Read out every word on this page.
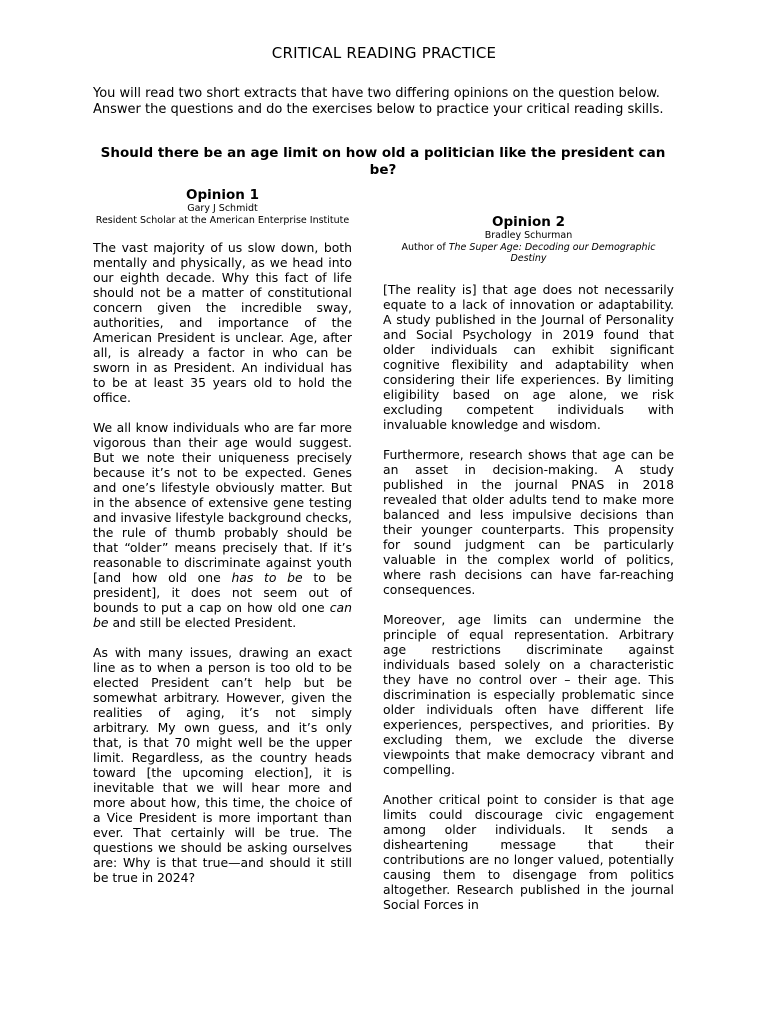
CRITICAL READING PRACTICE

You will read two short extracts that have two differing opinions on the question below. Answer the questions and do the exercises below to practice your critical reading skills.

Should there be an age limit on how old a politician like the president can be?

Opinion 1

Gary J Schmidt

Resident Scholar at the American Enterprise Institute

The vast majority of us slow down, both mentally and physically, as we head into our eighth decade. Why this fact of life should not be a matter of constitutional concern given the incredible sway, authorities, and importance of the American President is unclear. Age, after all, is already a factor in who can be sworn in as President. An individual has to be at least 35 years old to hold the office.

We all know individuals who are far more vigorous than their age would suggest. But we note their uniqueness precisely because it’s not to be expected. Genes and one’s lifestyle obviously matter. But in the absence of extensive gene testing and invasive lifestyle background checks, the rule of thumb probably should be that “older” means precisely that. If it’s reasonable to discriminate against youth [and how old one has to be to be president], it does not seem out of bounds to put a cap on how old one can be and still be elected President.

As with many issues, drawing an exact line as to when a person is too old to be elected President can’t help but be somewhat arbitrary. However, given the realities of aging, it’s not simply arbitrary. My own guess, and it’s only that, is that 70 might well be the upper limit. Regardless, as the country heads toward [the upcoming election], it is inevitable that we will hear more and more about how, this time, the choice of a Vice President is more important than ever. That certainly will be true. The questions we should be asking ourselves are: Why is that true—and should it still be true in 2024?

Opinion 2

Bradley Schurman

Author of The Super Age: Decoding our Demographic Destiny

[The reality is] that age does not necessarily equate to a lack of innovation or adaptability. A study published in the Journal of Personality and Social Psychology in 2019 found that older individuals can exhibit significant cognitive flexibility and adaptability when considering their life experiences. By limiting eligibility based on age alone, we risk excluding competent individuals with invaluable knowledge and wisdom.

Furthermore, research shows that age can be an asset in decision-making. A study published in the journal PNAS in 2018 revealed that older adults tend to make more balanced and less impulsive decisions than their younger counterparts. This propensity for sound judgment can be particularly valuable in the complex world of politics, where rash decisions can have far-reaching consequences.

Moreover, age limits can undermine the principle of equal representation. Arbitrary age restrictions discriminate against individuals based solely on a characteristic they have no control over – their age. This discrimination is especially problematic since older individuals often have different life experiences, perspectives, and priorities. By excluding them, we exclude the diverse viewpoints that make democracy vibrant and compelling.

Another critical point to consider is that age limits could discourage civic engagement among older individuals. It sends a disheartening message that their contributions are no longer valued, potentially causing them to disengage from politics altogether. Research published in the journal Social Forces in
